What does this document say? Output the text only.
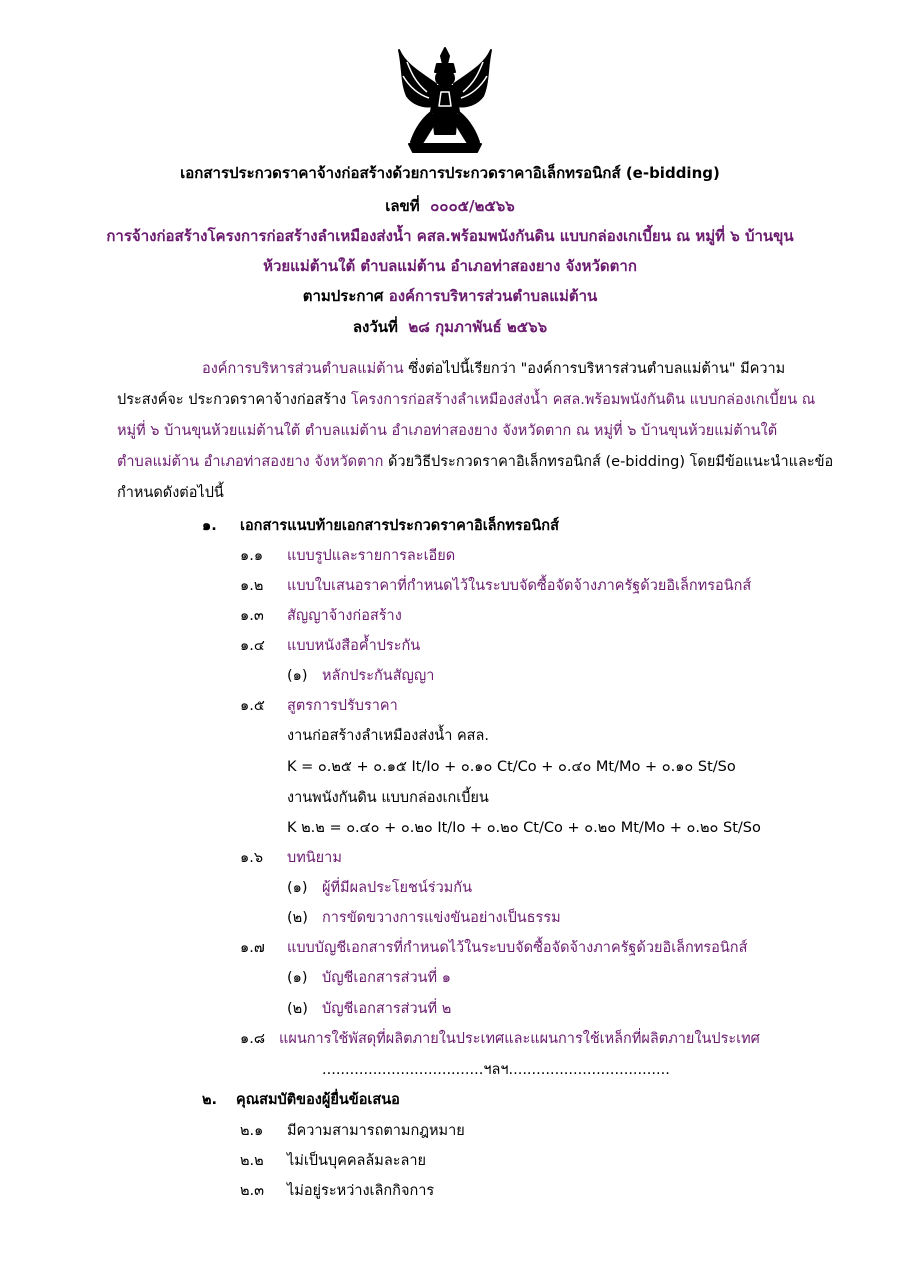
เอกสารประกวดราคาจ้างก่อสร้างด้วยการประกวดราคาอิเล็กทรอนิกส์ (e-bidding)
เลขที่ ๐๐๐๕/๒๕๖๖
การจ้างก่อสร้างโครงการก่อสร้างลำเหมืองส่งน้ำ คสล.พร้อมพนังกันดิน แบบกล่องเกเบี้ยน ณ หมู่ที่ ๖ บ้านขุน
ห้วยแม่ต้านใต้ ตำบลแม่ต้าน อำเภอท่าสองยาง จังหวัดตาก
ตามประกาศ องค์การบริหารส่วนตำบลแม่ต้าน
ลงวันที่ ๒๘ กุมภาพันธ์ ๒๕๖๖
องค์การบริหารส่วนตำบลแม่ต้าน ซึ่งต่อไปนี้เรียกว่า "องค์การบริหารส่วนตำบลแม่ต้าน" มีความ
ประสงค์จะ ประกวดราคาจ้างก่อสร้าง โครงการก่อสร้างลำเหมืองส่งน้ำ คสล.พร้อมพนังกันดิน แบบกล่องเกเบี้ยน ณ
หมู่ที่ ๖ บ้านขุนห้วยแม่ต้านใต้ ตำบลแม่ต้าน อำเภอท่าสองยาง จังหวัดตาก ณ หมู่ที่ ๖ บ้านขุนห้วยแม่ต้านใต้
ตำบลแม่ต้าน อำเภอท่าสองยาง จังหวัดตาก ด้วยวิธีประกวดราคาอิเล็กทรอนิกส์ (e-bidding) โดยมีข้อแนะนำและข้อ
กำหนดดังต่อไปนี้
๑. เอกสารแนบท้ายเอกสารประกวดราคาอิเล็กทรอนิกส์
๑.๑ แบบรูปและรายการละเอียด
๑.๒ แบบใบเสนอราคาที่กำหนดไว้ในระบบจัดซื้อจัดจ้างภาครัฐด้วยอิเล็กทรอนิกส์
๑.๓ สัญญาจ้างก่อสร้าง
๑.๔ แบบหนังสือค้ำประกัน
(๑) หลักประกันสัญญา
๑.๕ สูตรการปรับราคา
งานก่อสร้างลำเหมืองส่งน้ำ คสล.
K = ๐.๒๕ + ๐.๑๕ It/Io + ๐.๑๐ Ct/Co + ๐.๔๐ Mt/Mo + ๐.๑๐ St/So
งานพนังกันดิน แบบกล่องเกเบี้ยน
K ๒.๒ = ๐.๔๐ + ๐.๒๐ It/Io + ๐.๒๐ Ct/Co + ๐.๒๐ Mt/Mo + ๐.๒๐ St/So
๑.๖ บทนิยาม
(๑) ผู้ที่มีผลประโยชน์ร่วมกัน
(๒) การขัดขวางการแข่งขันอย่างเป็นธรรม
๑.๗ แบบบัญชีเอกสารที่กำหนดไว้ในระบบจัดซื้อจัดจ้างภาครัฐด้วยอิเล็กทรอนิกส์
(๑) บัญชีเอกสารส่วนที่ ๑
(๒) บัญชีเอกสารส่วนที่ ๒
๑.๘ แผนการใช้พัสดุที่ผลิตภายในประเทศและแผนการใช้เหล็กที่ผลิตภายในประเทศ
...................................ฯลฯ...................................
๒. คุณสมบัติของผู้ยื่นข้อเสนอ
๒.๑ มีความสามารถตามกฎหมาย
๒.๒ ไม่เป็นบุคคลล้มละลาย
๒.๓ ไม่อยู่ระหว่างเลิกกิจการ
